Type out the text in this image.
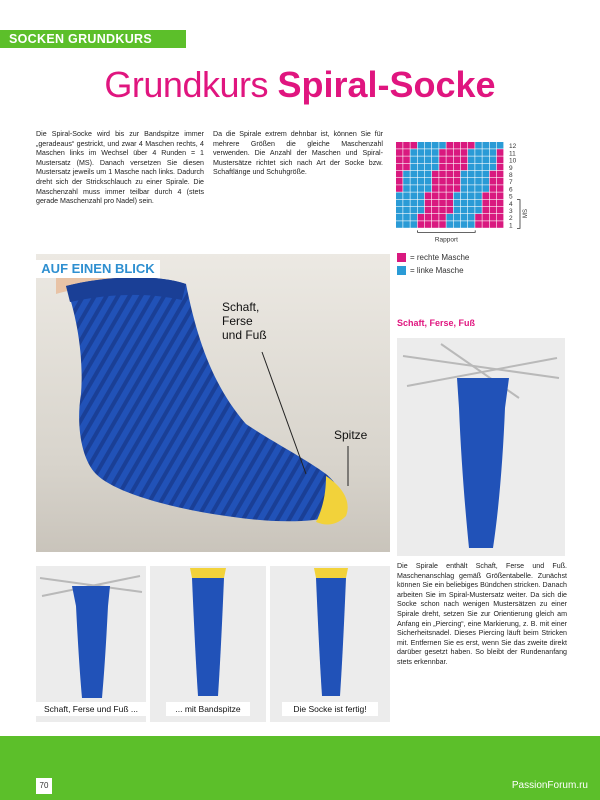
SOCKEN GRUNDKURS
Grundkurs Spiral-Socke
Die Spiral-Socke wird bis zur Bandspitze immer „geradeaus“ gestrickt, und zwar 4 Maschen rechts, 4 Maschen links im Wechsel über 4 Runden = 1 Mustersatz (MS). Danach versetzen Sie diesen Mustersatz jeweils um 1 Masche nach links. Dadurch dreht sich der Strickschlauch zu einer Spirale. Die Maschenzahl muss immer teilbar durch 4 (stets gerade Maschenzahl pro Nadel) sein.
Da die Spirale extrem dehnbar ist, können Sie für mehrere Größen die gleiche Maschenzahl verwenden. Die Anzahl der Maschen und Spiral-Mustersätze richtet sich nach Art der Socke bzw. Schaftlänge und Schuhgröße.
12
11
10
9
8
7
6
5
4
3
2
1
MS
Rapport
= rechte Masche
= linke Masche
AUF EINEN BLICK
Schaft,
Ferse
und Fuß
Spitze
Schaft, Ferse, Fuß
Die Spirale enthält Schaft, Ferse und Fuß. Maschenanschlag gemäß Größentabelle. Zunächst können Sie ein beliebiges Bündchen stricken. Danach arbeiten Sie im Spiral-Mustersatz weiter. Da sich die Socke schon nach wenigen Mustersätzen zu einer Spirale dreht, setzen Sie zur Orientierung gleich am Anfang ein „Piercing“, eine Markierung, z. B. mit einer Sicherheitsnadel. Dieses Piercing läuft beim Stricken mit. Entfernen Sie es erst, wenn Sie das zweite direkt darüber gesetzt haben. So bleibt der Rundenanfang stets erkennbar.
Schaft, Ferse und Fuß ...	... mit Bandspitze	Die Socke ist fertig!
70	PassionForum.ru
